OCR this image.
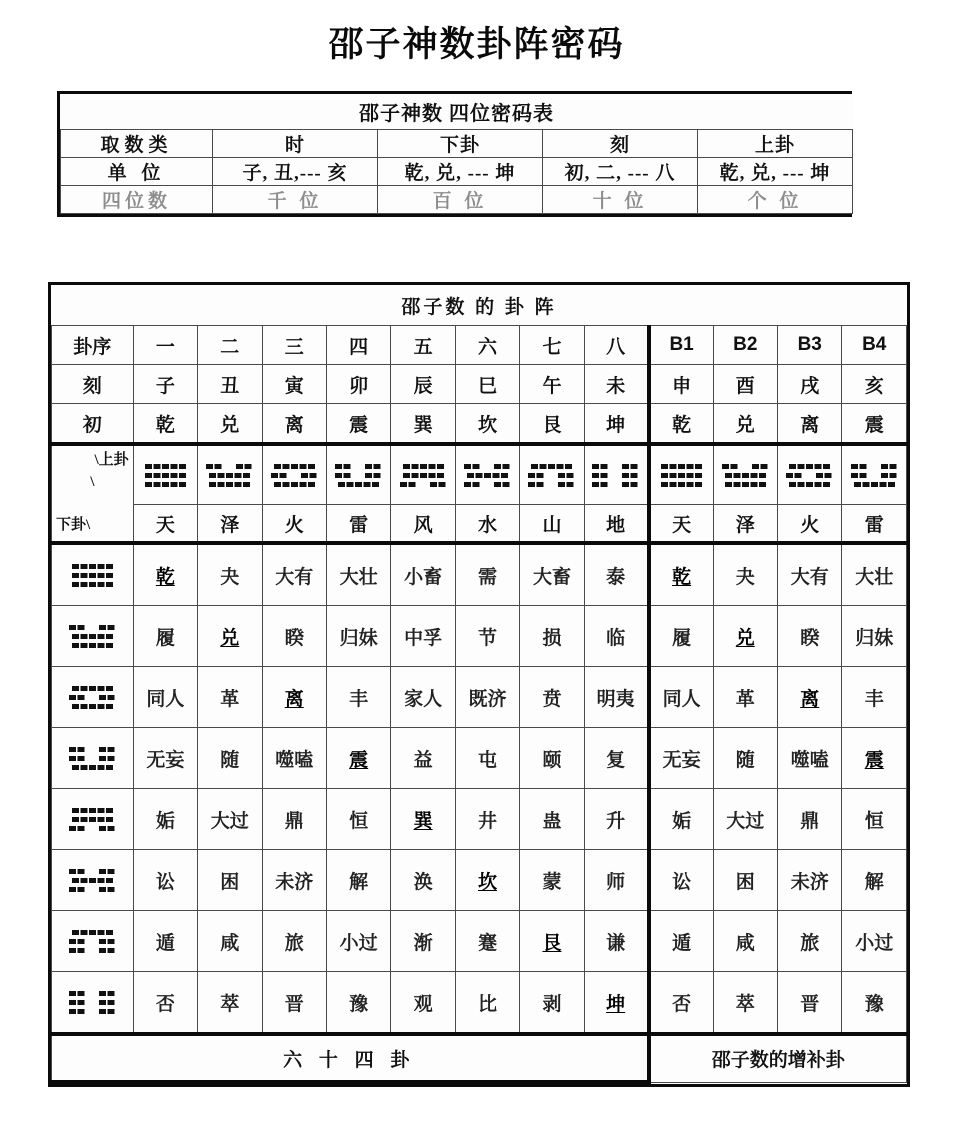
邵子神数卦阵密码
邵子神数 四位密码表				
取数类	时	下卦	刻	上卦
单 位	子, 丑,--- 亥	乾, 兑, --- 坤	初, 二, --- 八	乾, 兑, --- 坤
四位数	千 位	百 位	十 位	个 位
邵子数 的 卦 阵												
卦序	一	二	三	四	五	六	七	八	B1	B2	B3	B4
刻	子	丑	寅	卯	辰	巳	午	未	申	酉	戌	亥
初	乾	兑	离	震	巽	坎	艮	坤	乾	兑	离	震

\上卦
\
下卦\												

	天	泽	火	雷	风	水	山	地	天	泽	火	雷

	乾	夬	大有	大壮	小畜	需	大畜	泰	乾	夬	大有	大壮

	履	兑	睽	归妹	中孚	节	损	临	履	兑	睽	归妹

	同人	革	离	丰	家人	既济	贲	明夷	同人	革	离	丰

	无妄	随	噬嗑	震	益	屯	颐	复	无妄	随	噬嗑	震

	姤	大过	鼎	恒	巽	井	蛊	升	姤	大过	鼎	恒

	讼	困	未济	解	涣	坎	蒙	师	讼	困	未济	解

	遁	咸	旅	小过	渐	蹇	艮	谦	遁	咸	旅	小过

	否	萃	晋	豫	观	比	剥	坤	否	萃	晋	豫
六 十 四 卦									邵子数的增补卦			
